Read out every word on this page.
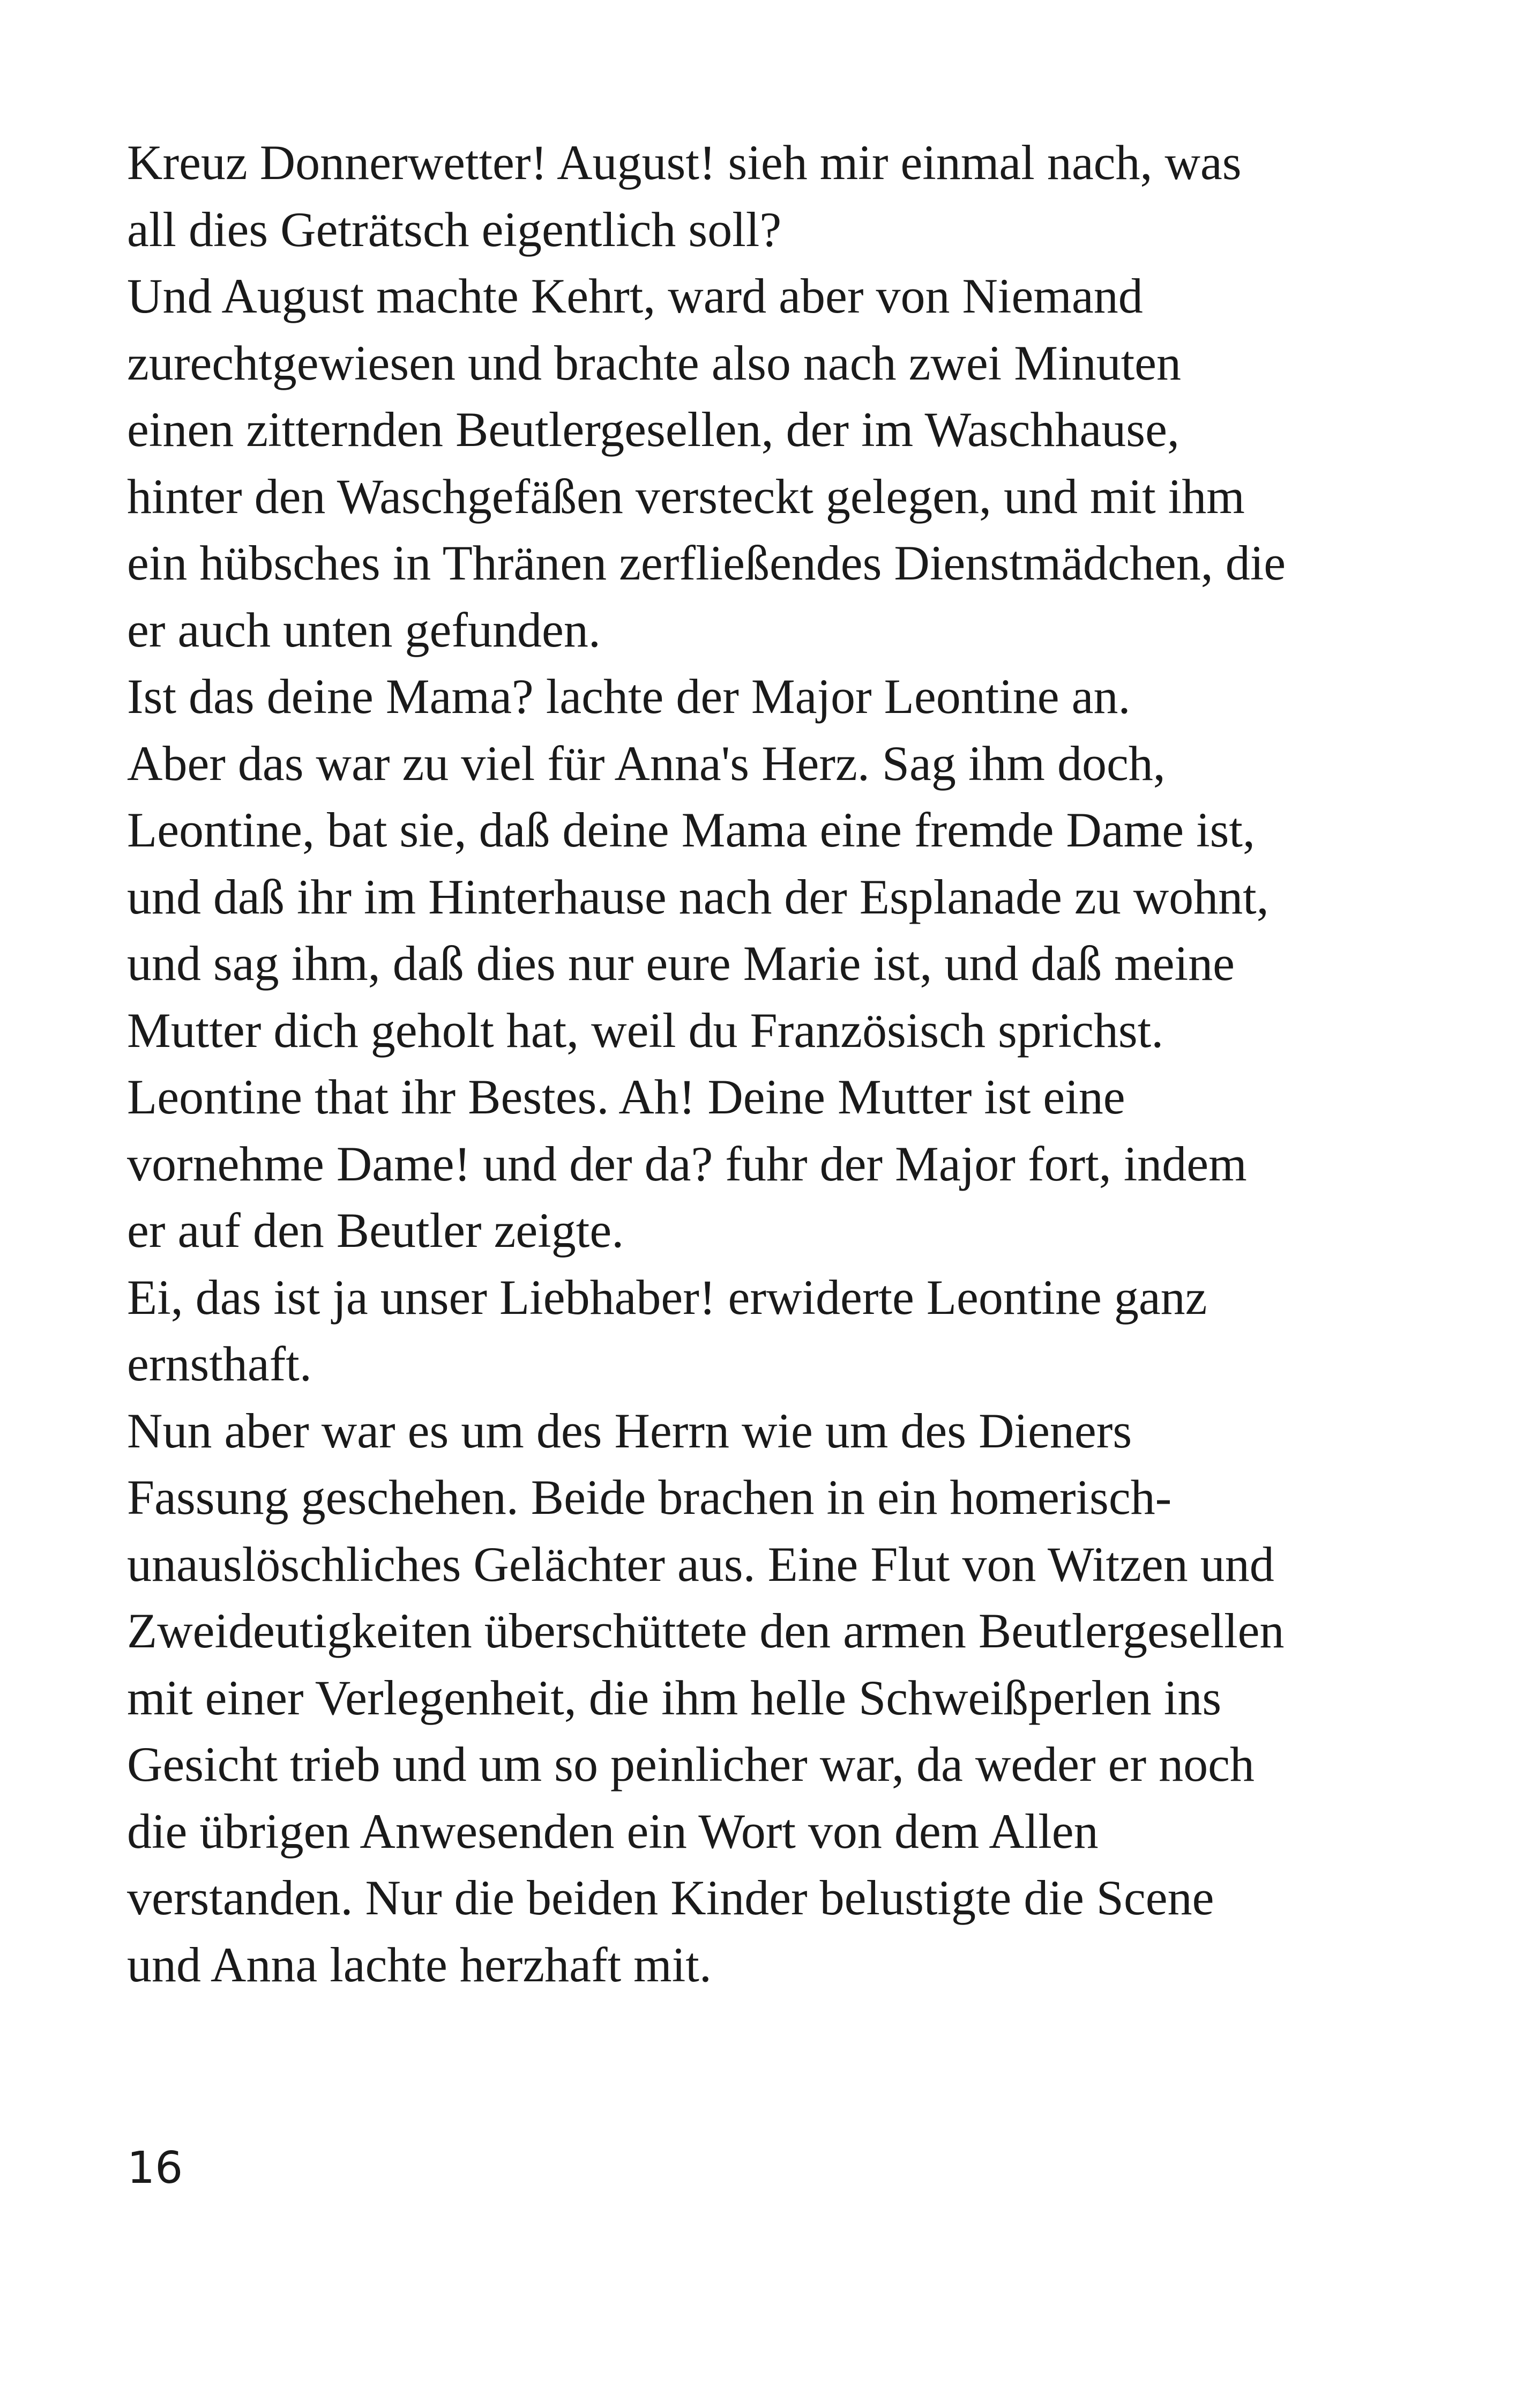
Kreuz Donnerwetter! August! sieh mir einmal nach, was
all dies Geträtsch eigentlich soll?
Und August machte Kehrt, ward aber von Niemand
zurechtgewiesen und brachte also nach zwei Minuten
einen zitternden Beutlergesellen, der im Waschhause,
hinter den Waschgefäßen versteckt gelegen, und mit ihm
ein hübsches in Thränen zerfließendes Dienstmädchen, die
er auch unten gefunden.
Ist das deine Mama? lachte der Major Leontine an.
Aber das war zu viel für Anna's Herz. Sag ihm doch,
Leontine, bat sie, daß deine Mama eine fremde Dame ist,
und daß ihr im Hinterhause nach der Esplanade zu wohnt,
und sag ihm, daß dies nur eure Marie ist, und daß meine
Mutter dich geholt hat, weil du Französisch sprichst.
Leontine that ihr Bestes. Ah! Deine Mutter ist eine
vornehme Dame! und der da? fuhr der Major fort, indem
er auf den Beutler zeigte.
Ei, das ist ja unser Liebhaber! erwiderte Leontine ganz
ernsthaft.
Nun aber war es um des Herrn wie um des Dieners
Fassung geschehen. Beide brachen in ein homerisch-
unauslöschliches Gelächter aus. Eine Flut von Witzen und
Zweideutigkeiten überschüttete den armen Beutlergesellen
mit einer Verlegenheit, die ihm helle Schweißperlen ins
Gesicht trieb und um so peinlicher war, da weder er noch
die übrigen Anwesenden ein Wort von dem Allen
verstanden. Nur die beiden Kinder belustigte die Scene
und Anna lachte herzhaft mit.
16
